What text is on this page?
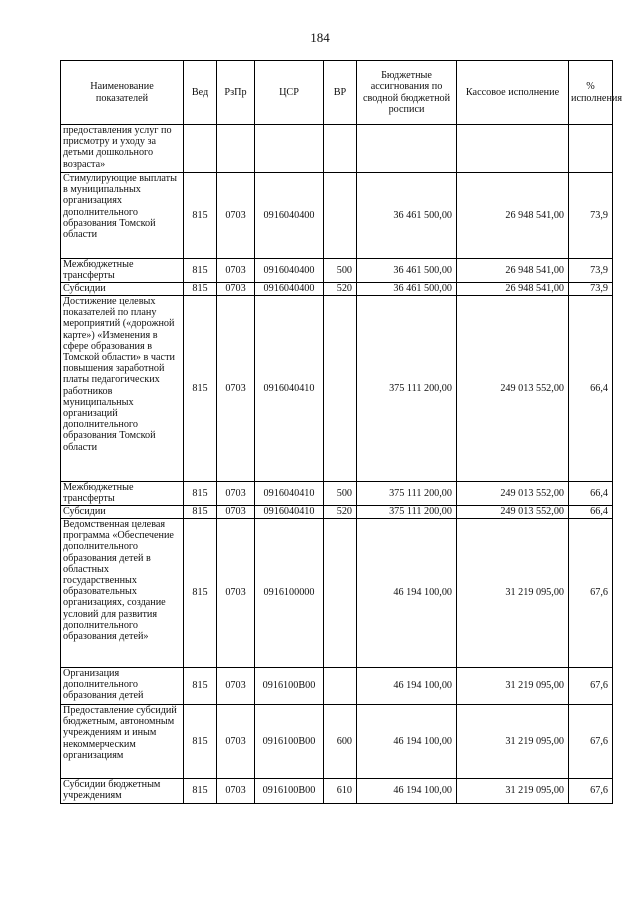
184
Наименование показателей	Вед	РзПр	ЦСР	ВР	Бюджетные ассигнования по сводной бюджетной росписи	Кассовое исполнение	% исполнения
предоставления услуг по присмотру и уходу за детьми дошкольного возраста»							
Стимулирующие выплаты в муниципальных организациях дополнительного образования Томской области	815	0703	0916040400		36 461 500,00	26 948 541,00	73,9
Межбюджетные трансферты	815	0703	0916040400	500	36 461 500,00	26 948 541,00	73,9
Субсидии	815	0703	0916040400	520	36 461 500,00	26 948 541,00	73,9
Достижение целевых показателей по плану мероприятий («дорожной карте») «Изменения в сфере образования в Томской области» в части повышения заработной платы педагогических работников муниципальных организаций дополнительного образования Томской области	815	0703	0916040410		375 111 200,00	249 013 552,00	66,4
Межбюджетные трансферты	815	0703	0916040410	500	375 111 200,00	249 013 552,00	66,4
Субсидии	815	0703	0916040410	520	375 111 200,00	249 013 552,00	66,4
Ведомственная целевая программа «Обеспечение дополнительного образования детей в областных государственных образовательных организациях, создание условий для развития дополнительного образования детей»	815	0703	0916100000		46 194 100,00	31 219 095,00	67,6
Организация дополнительного образования детей	815	0703	0916100В00		46 194 100,00	31 219 095,00	67,6
Предоставление субсидий бюджетным, автономным учреждениям и иным некоммерческим организациям	815	0703	0916100В00	600	46 194 100,00	31 219 095,00	67,6
Субсидии бюджетным учреждениям	815	0703	0916100В00	610	46 194 100,00	31 219 095,00	67,6
